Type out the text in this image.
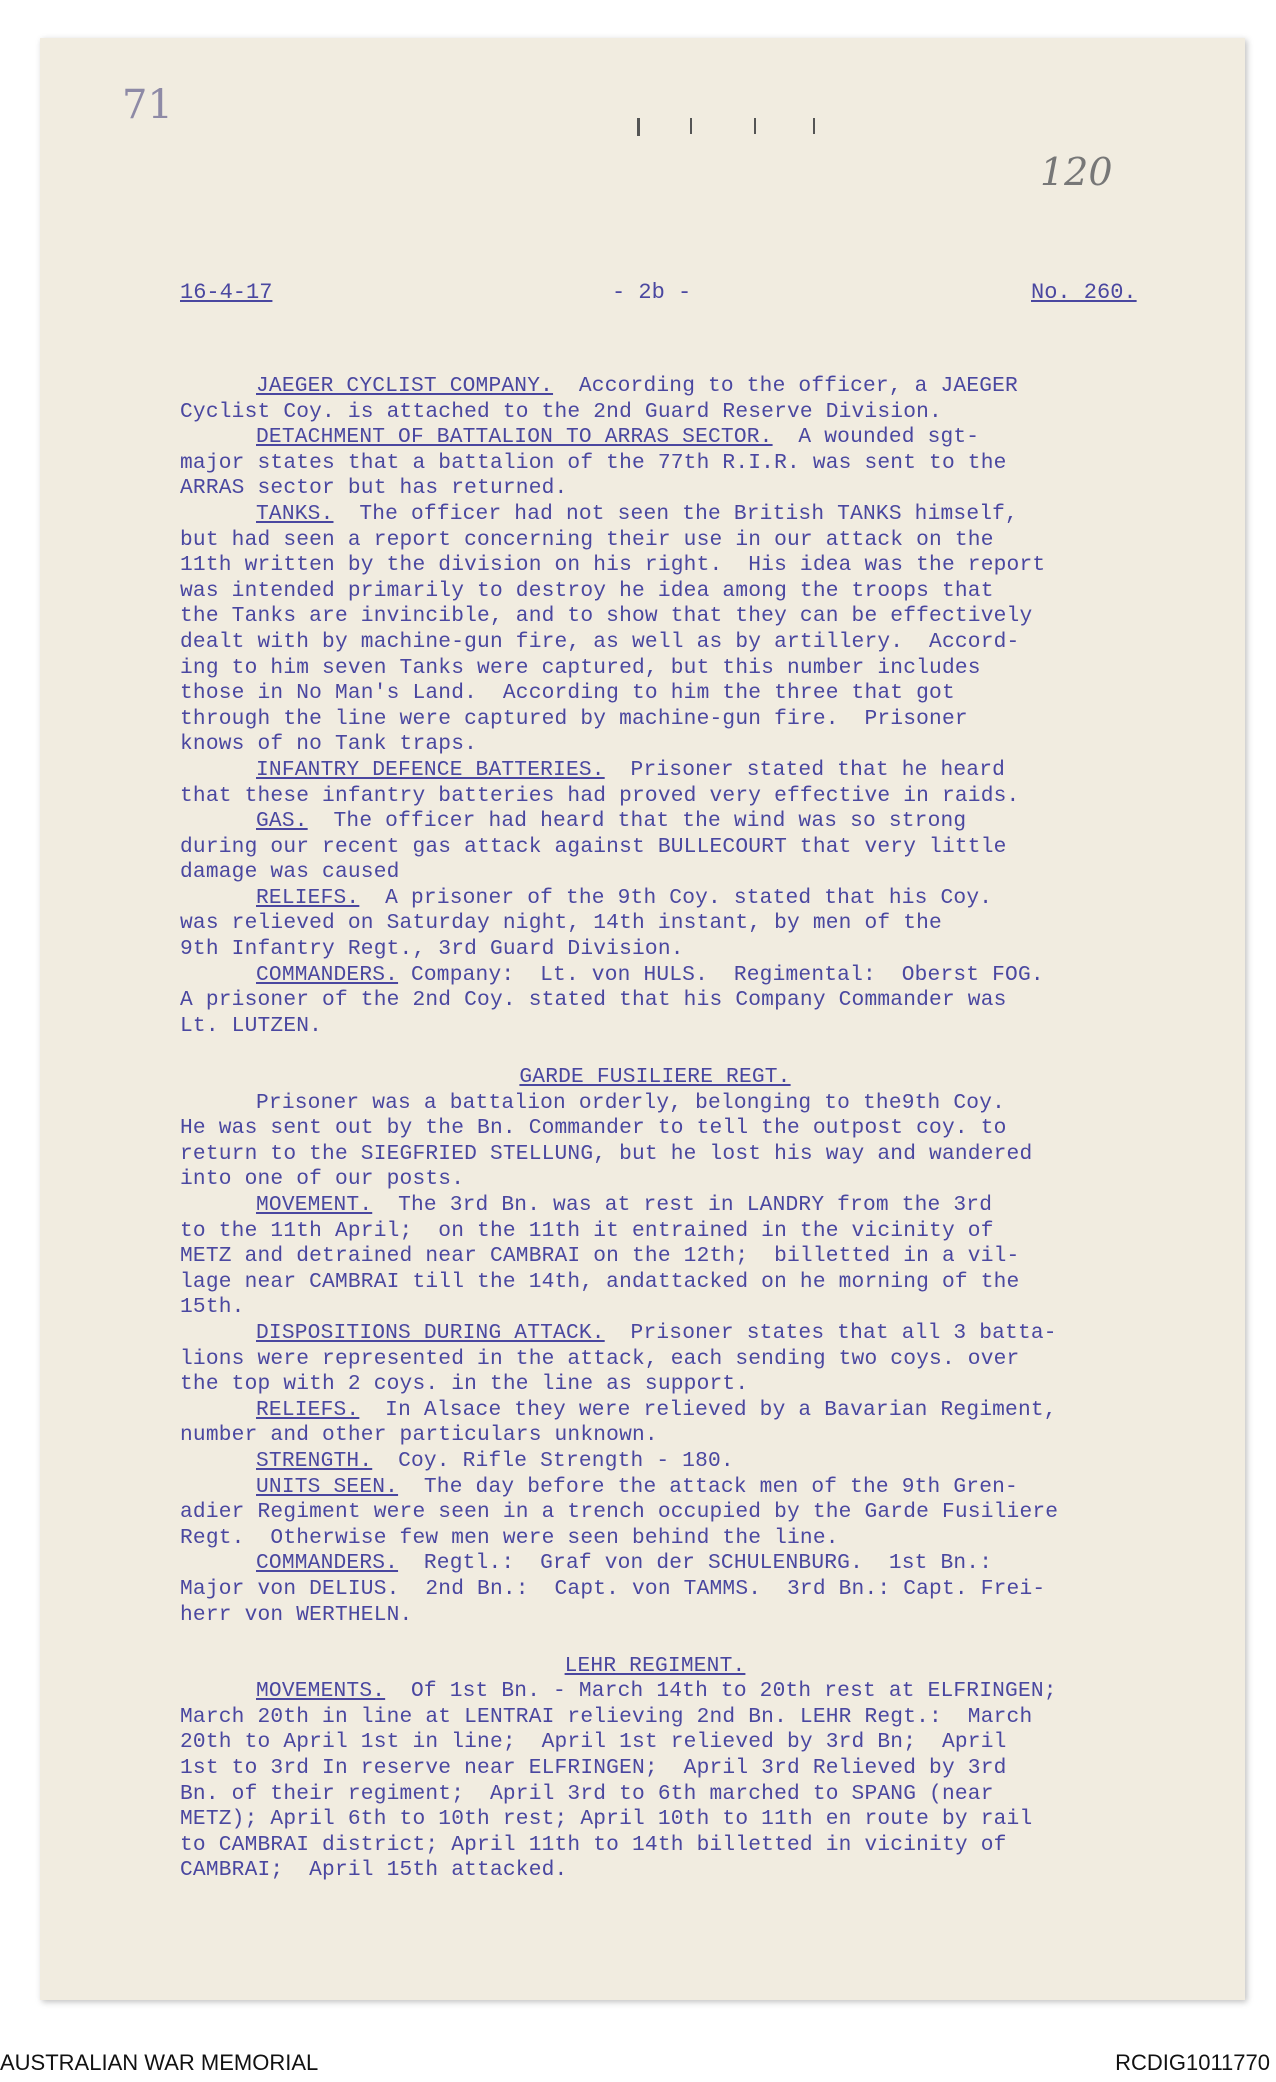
71
120
16-4-17	- 2b -	No. 260.
JAEGER CYCLIST COMPANY.  According to the officer, a JAEGER
Cyclist Coy. is attached to the 2nd Guard Reserve Division.
DETACHMENT OF BATTALION TO ARRAS SECTOR.  A wounded sgt-
major states that a battalion of the 77th R.I.R. was sent to the
ARRAS sector but has returned.
TANKS.  The officer had not seen the British TANKS himself,
but had seen a report concerning their use in our attack on the
11th written by the division on his right.  His idea was the report
was intended primarily to destroy he idea among the troops that
the Tanks are invincible, and to show that they can be effectively
dealt with by machine-gun fire, as well as by artillery.  Accord-
ing to him seven Tanks were captured, but this number includes
those in No Man's Land.  According to him the three that got
through the line were captured by machine-gun fire.  Prisoner
knows of no Tank traps.
INFANTRY DEFENCE BATTERIES.  Prisoner stated that he heard
that these infantry batteries had proved very effective in raids.
GAS.  The officer had heard that the wind was so strong
during our recent gas attack against BULLECOURT that very little
damage was caused
RELIEFS.  A prisoner of the 9th Coy. stated that his Coy.
was relieved on Saturday night, 14th instant, by men of the
9th Infantry Regt., 3rd Guard Division.
COMMANDERS. Company:  Lt. von HULS.  Regimental:  Oberst FOG.
A prisoner of the 2nd Coy. stated that his Company Commander was
Lt. LUTZEN.

GARDE FUSILIERE REGT.
Prisoner was a battalion orderly, belonging to the9th Coy.
He was sent out by the Bn. Commander to tell the outpost coy. to
return to the SIEGFRIED STELLUNG, but he lost his way and wandered
into one of our posts.
MOVEMENT.  The 3rd Bn. was at rest in LANDRY from the 3rd
to the 11th April;  on the 11th it entrained in the vicinity of
METZ and detrained near CAMBRAI on the 12th;  billetted in a vil-
lage near CAMBRAI till the 14th, andattacked on he morning of the
15th.
DISPOSITIONS DURING ATTACK.  Prisoner states that all 3 batta-
lions were represented in the attack, each sending two coys. over
the top with 2 coys. in the line as support.
RELIEFS.  In Alsace they were relieved by a Bavarian Regiment,
number and other particulars unknown.
STRENGTH.  Coy. Rifle Strength - 180.
UNITS SEEN.  The day before the attack men of the 9th Gren-
adier Regiment were seen in a trench occupied by the Garde Fusiliere
Regt.  Otherwise few men were seen behind the line.
COMMANDERS.  Regtl.:  Graf von der SCHULENBURG.  1st Bn.:
Major von DELIUS.  2nd Bn.:  Capt. von TAMMS.  3rd Bn.: Capt. Frei-
herr von WERTHELN.

LEHR REGIMENT.
MOVEMENTS.  Of 1st Bn. - March 14th to 20th rest at ELFRINGEN;
March 20th in line at LENTRAI relieving 2nd Bn. LEHR Regt.:  March
20th to April 1st in line;  April 1st relieved by 3rd Bn;  April
1st to 3rd In reserve near ELFRINGEN;  April 3rd Relieved by 3rd
Bn. of their regiment;  April 3rd to 6th marched to SPANG (near
METZ); April 6th to 10th rest; April 10th to 11th en route by rail
to CAMBRAI district; April 11th to 14th billetted in vicinity of
CAMBRAI;  April 15th attacked.
AUSTRALIAN WAR MEMORIAL	RCDIG1011770
